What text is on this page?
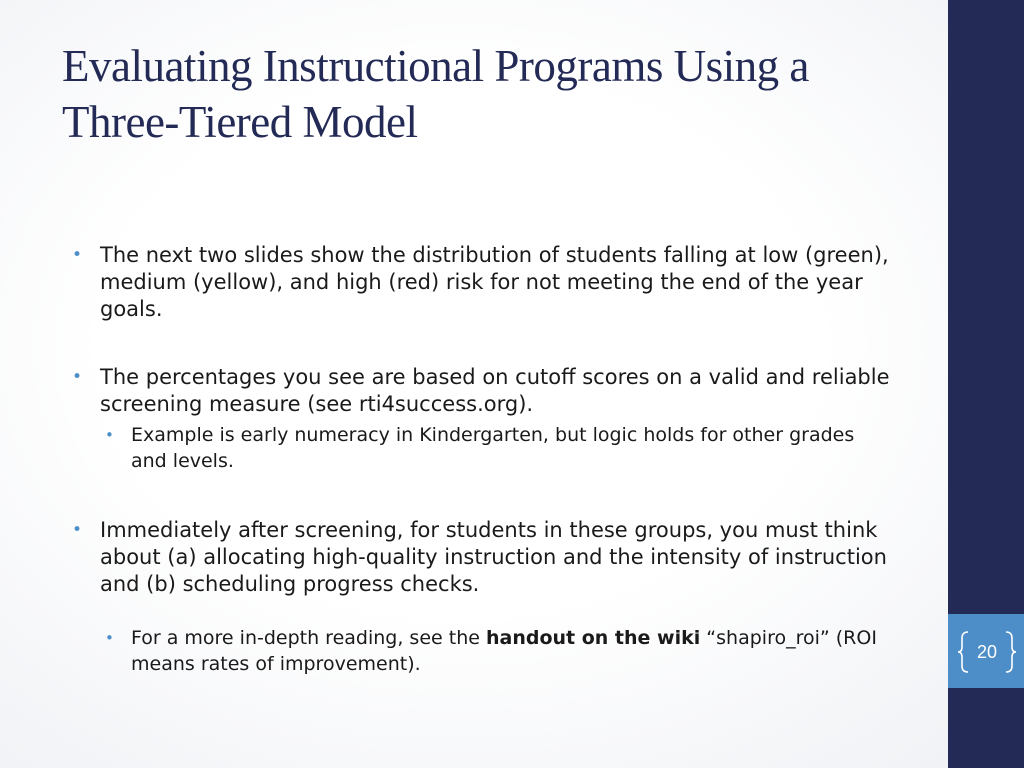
Evaluating Instructional Programs Using a Three-Tiered Model

• The next two slides show the distribution of students falling at low (green), medium (yellow), and high (red) risk for not meeting the end of the year goals.

• The percentages you see are based on cutoff scores on a valid and reliable screening measure (see rti4success.org).

• Example is early numeracy in Kindergarten, but logic holds for other grades and levels.

• Immediately after screening, for students in these groups, you must think about (a) allocating high-quality instruction and the intensity of instruction and (b) scheduling progress checks.

• For a more in-depth reading, see the handout on the wiki “shapiro_roi” (ROI means rates of improvement).

20
